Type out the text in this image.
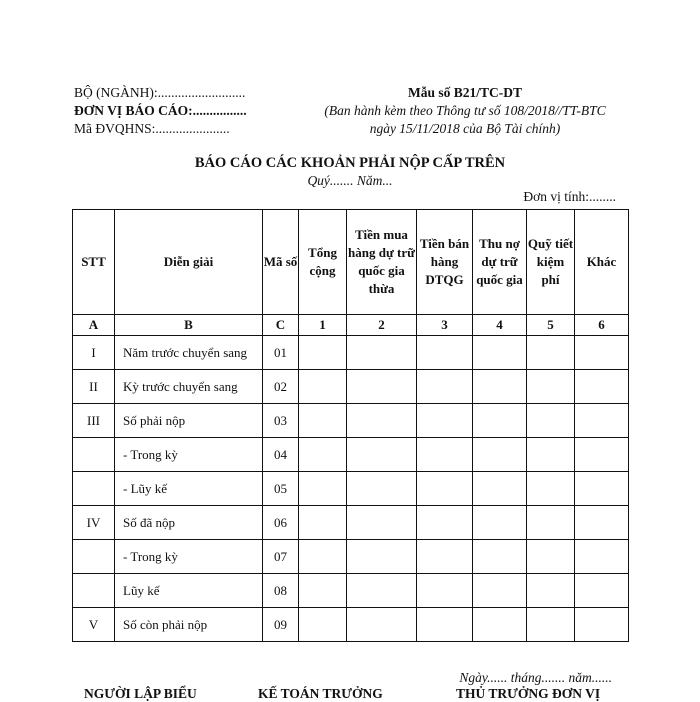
BỘ (NGÀNH):..........................
ĐƠN VỊ BÁO CÁO:................
Mã ĐVQHNS:......................
Mẫu số B21/TC-DT
(Ban hành kèm theo Thông tư số 108/2018//TT-BTC
ngày 15/11/2018 của Bộ Tài chính)
BÁO CÁO CÁC KHOẢN PHẢI NỘP CẤP TRÊN
Quý....... Năm...
Đơn vị tính:........
STT	Diễn giải	Mã số	Tổng cộng	Tiền mua hàng dự trữ quốc gia thừa	Tiền bán hàng DTQG	Thu nợ dự trữ quốc gia	Quỹ tiết kiệm phí	Khác
A	B	C	1	2	3	4	5	6
I	Năm trước chuyển sang	01						
II	Kỳ trước chuyển sang	02						
III	Số phải nộp	03						
	- Trong kỳ	04						
	- Lũy kế	05						
IV	Số đã nộp	06						
	- Trong kỳ	07						
	Lũy kế	08						
V	Số còn phải nộp	09						
Ngày...... tháng....... năm......
NGƯỜI LẬP BIỂU	KẾ TOÁN TRƯỞNG	THỦ TRƯỞNG ĐƠN VỊ
